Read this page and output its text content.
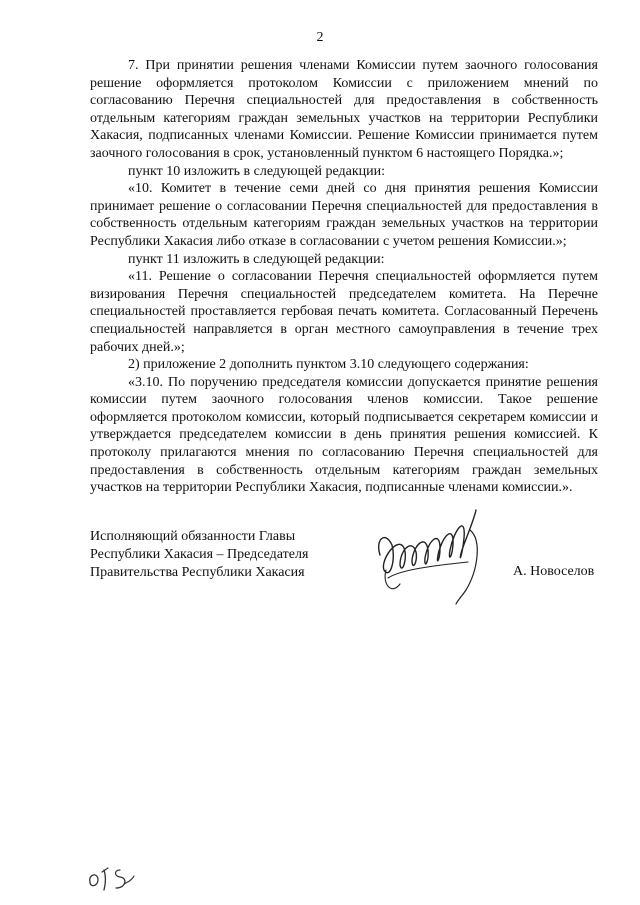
2

7. При принятии решения членами Комиссии путем заочного голосования решение оформляется протоколом Комиссии с приложением мнений по согласованию Перечня специальностей для предоставления в собственность отдельным категориям граждан земельных участков на территории Республики Хакасия, подписанных членами Комиссии. Решение Комиссии принимается путем заочного голосования в срок, установленный пунктом 6 настоящего Порядка.»;

пункт 10 изложить в следующей редакции:

«10. Комитет в течение семи дней со дня принятия решения Комиссии принимает решение о согласовании Перечня специальностей для предоставления в собственность отдельным категориям граждан земельных участков на территории Республики Хакасия либо отказе в согласовании с учетом решения Комиссии.»;

пункт 11 изложить в следующей редакции:

«11. Решение о согласовании Перечня специальностей оформляется путем визирования Перечня специальностей председателем комитета. На Перечне специальностей проставляется гербовая печать комитета. Согласованный Перечень специальностей направляется в орган местного самоуправления в течение трех рабочих дней.»;

2) приложение 2 дополнить пунктом 3.10 следующего содержания:

«3.10. По поручению председателя комиссии допускается принятие решения комиссии путем заочного голосования членов комиссии. Такое решение оформляется протоколом комиссии, который подписывается секретарем комиссии и утверждается председателем комиссии в день принятия решения комиссией. К протоколу прилагаются мнения по согласованию Перечня специальностей для предоставления в собственность отдельным категориям граждан земельных участков на территории Республики Хакасия, подписанные членами комиссии.».

Исполняющий обязанности Главы
Республики Хакасия – Председателя
Правительства Республики Хакасия	А. Новоселов
